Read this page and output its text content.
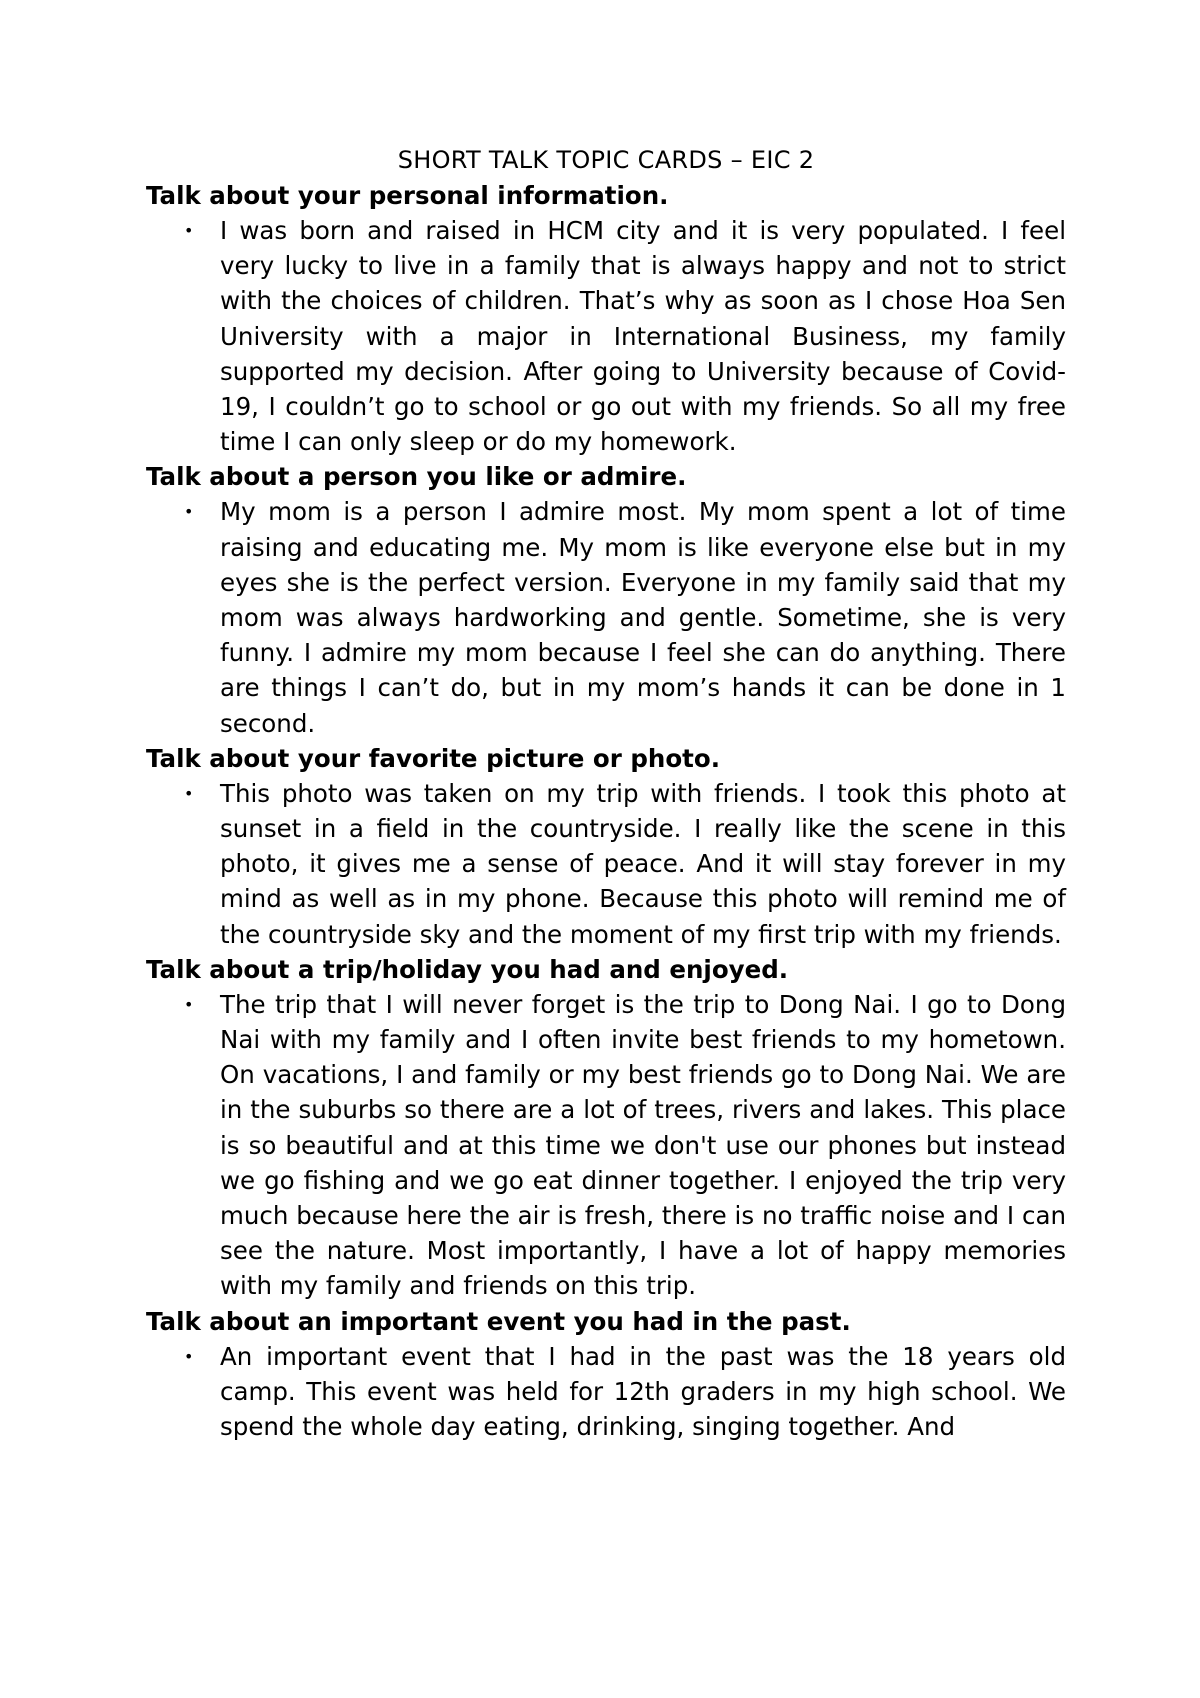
SHORT TALK TOPIC CARDS – EIC 2
Talk about your personal information.
• I was born and raised in HCM city and it is very populated. I feel very lucky to live in a family that is always happy and not to strict with the choices of children. That’s why as soon as I chose Hoa Sen University with a major in International Business, my family supported my decision. After going to University because of Covid-19, I couldn’t go to school or go out with my friends. So all my free time I can only sleep or do my homework.
Talk about a person you like or admire.
• My mom is a person I admire most. My mom spent a lot of time raising and educating me. My mom is like everyone else but in my eyes she is the perfect version. Everyone in my family said that my mom was always hardworking and gentle. Sometime, she is very funny. I admire my mom because I feel she can do anything. There are things I can’t do, but in my mom’s hands it can be done in 1 second.
Talk about your favorite picture or photo.
• This photo was taken on my trip with friends. I took this photo at sunset in a field in the countryside. I really like the scene in this photo, it gives me a sense of peace. And it will stay forever in my mind as well as in my phone. Because this photo will remind me of the countryside sky and the moment of my first trip with my friends.
Talk about a trip/holiday you had and enjoyed.
• The trip that I will never forget is the trip to Dong Nai. I go to Dong Nai with my family and I often invite best friends to my hometown. On vacations, I and family or my best friends go to Dong Nai. We are in the suburbs so there are a lot of trees, rivers and lakes. This place is so beautiful and at this time we don't use our phones but instead we go fishing and we go eat dinner together. I enjoyed the trip very much because here the air is fresh, there is no traffic noise and I can see the nature. Most importantly, I have a lot of happy memories with my family and friends on this trip.
Talk about an important event you had in the past.
• An important event that I had in the past was the 18 years old camp. This event was held for 12th graders in my high school. We spend the whole day eating, drinking, singing together. And
